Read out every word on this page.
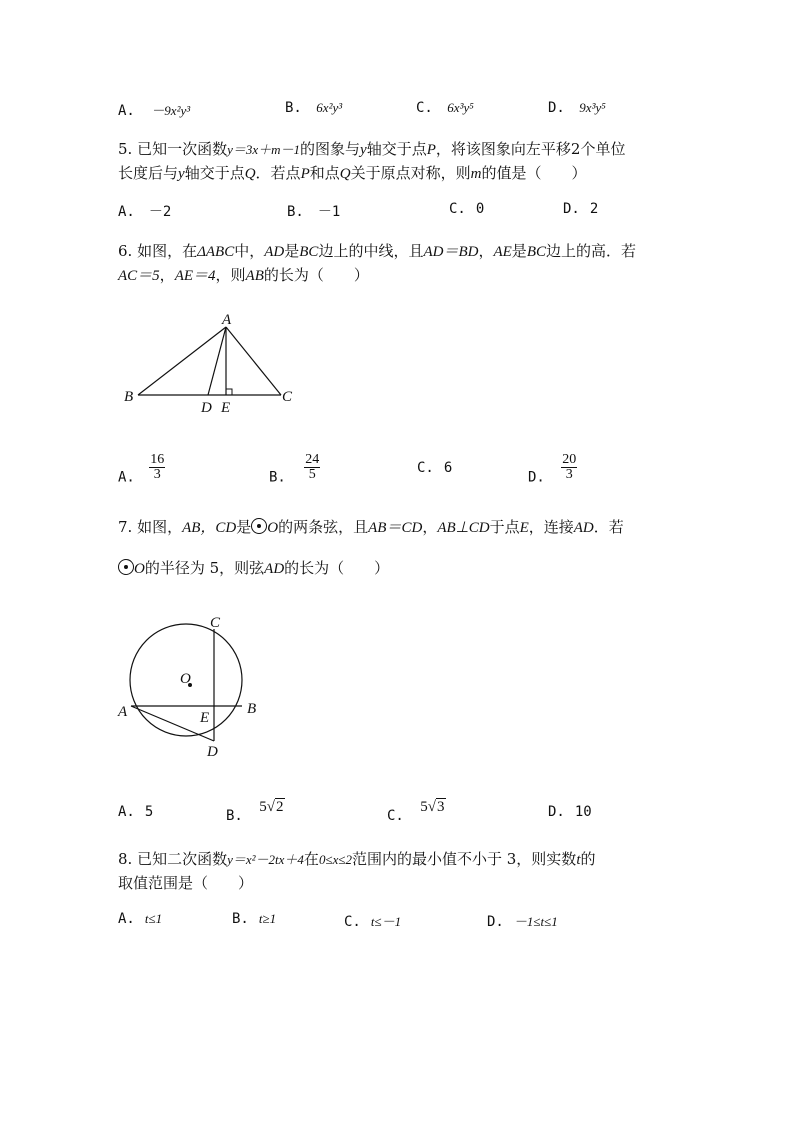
A. －9x²y³	B. 6x²y³	C. 6x³y⁵	D. 9x³y⁵
5. 已知一次函数y＝3x＋m－1的图象与y轴交于点P，将该图象向左平移2个单位
长度后与y轴交于点Q．若点P和点Q关于原点对称，则m的值是（　　）
A. －2	B. －1	C. 0	D. 2
6. 如图，在ΔABC中，AD是BC边上的中线，且AD＝BD，AE是BC边上的高．若
AC＝5，AE＝4，则AB的长为（　　）
A
B	C
D E
A. $\frac{16}{3}$	B. $\frac{24}{5}$	C. 6
D. $\frac{20}{3}$
7. 如图，AB，CD是 O的两条弦，且AB＝CD，AB⊥CD于点E，连接AD．若
O的半径为 5，则弦AD的长为（　　）
O
C
A	B
E
D
A. 5	B. 5√2
C. 5√3	D. 10
8. 已知二次函数y＝x²－2tx＋4在0≤x≤2范围内的最小值不小于 3，则实数t的
取值范围是（　　）
A. t≤1	B. t≥1	C. t≤－1	D. －1≤t≤1
